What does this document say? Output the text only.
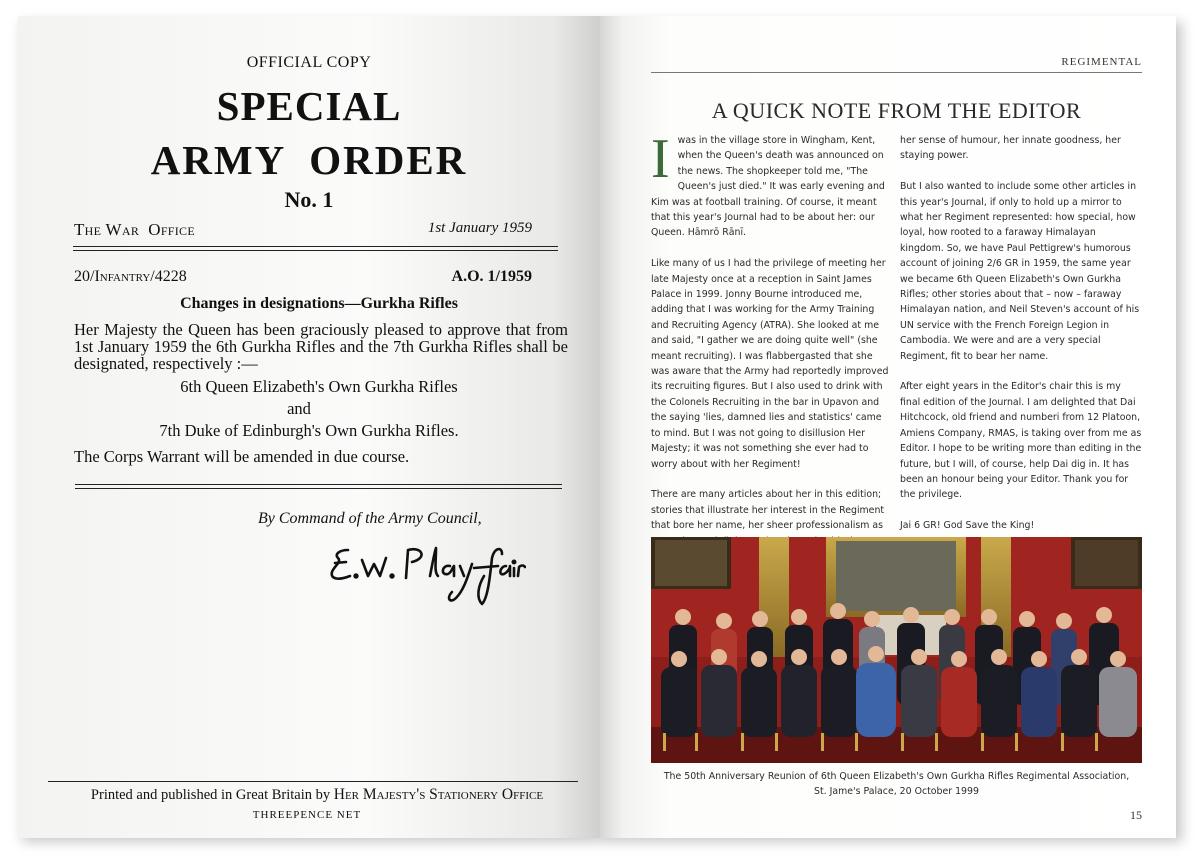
OFFICIAL COPY
SPECIAL
ARMY  ORDER
No. 1
The War  Office	1st January 1959
20/Infantry/4228	A.O. 1/1959
Changes in designations—Gurkha Rifles
Her Majesty the Queen has been graciously pleased to approve that from 1st January 1959 the 6th Gurkha Rifles and the 7th Gurkha Rifles shall be designated, respectively :—
6th Queen Elizabeth's Own Gurkha Rifles
and
7th Duke of Edinburgh's Own Gurkha Rifles.
The Corps Warrant will be amended in due course.
By Command of the Army Council,
Printed and published in Great Britain by Her Majesty's Stationery Office
THREEPENCE NET
REGIMENTAL
A QUICK NOTE FROM THE EDITOR

Iwas in the village store in Wingham, Kent, when the Queen's death was announced on the news. The shopkeeper told me, "The Queen's just died." It was early evening and Kim was at football training. Of course, it meant that this year's Journal had to be about her: our Queen. Hāmrō Rānī.

Like many of us I had the privilege of meeting her late Majesty once at a reception in Saint James Palace in 1999. Jonny Bourne introduced me, adding that I was working for the Army Training and Recruiting Agency (ATRA). She looked at me and said, "I gather we are doing quite well" (she meant recruiting). I was flabbergasted that she was aware that the Army had reportedly improved its recruiting figures. But I also used to drink with the Colonels Recruiting in the bar in Upavon and the saying 'lies, damned lies and statistics' came to mind. But I was not going to disillusion Her Majesty; it was not something she ever had to worry about with her Regiment!

There are many articles about her in this edition; stories that illustrate her interest in the Regiment that bore her name, her sheer professionalism as

her sense of humour, her innate goodness, her staying power.

But I also wanted to include some other articles in this year's Journal, if only to hold up a mirror to what her Regiment represented: how special, how loyal, how rooted to a faraway Himalayan kingdom. So, we have Paul Pettigrew's humorous account of joining 2/6 GR in 1959, the same year we became 6th Queen Elizabeth's Own Gurkha Rifles; other stories about that – now – faraway Himalayan nation, and Neil Steven's account of his UN service with the French Foreign Legion in Cambodia. We were and are a very special Regiment, fit to bear her name.

After eight years in the Editor's chair this is my final edition of the Journal. I am delighted that Dai Hitchcock, old friend and numberi from 12 Platoon, Amiens Company, RMAS, is taking over from me as Editor. I hope to be writing more than editing in the future, but I will, of course, help Dai dig in. It has been an honour being your Editor. Thank you for the privilege.

Jai 6 GR! God Save the King!

The 50th Anniversary Reunion of 6th Queen Elizabeth's Own Gurkha Rifles Regimental Association,
St. Jame's Palace, 20 October 1999
15
